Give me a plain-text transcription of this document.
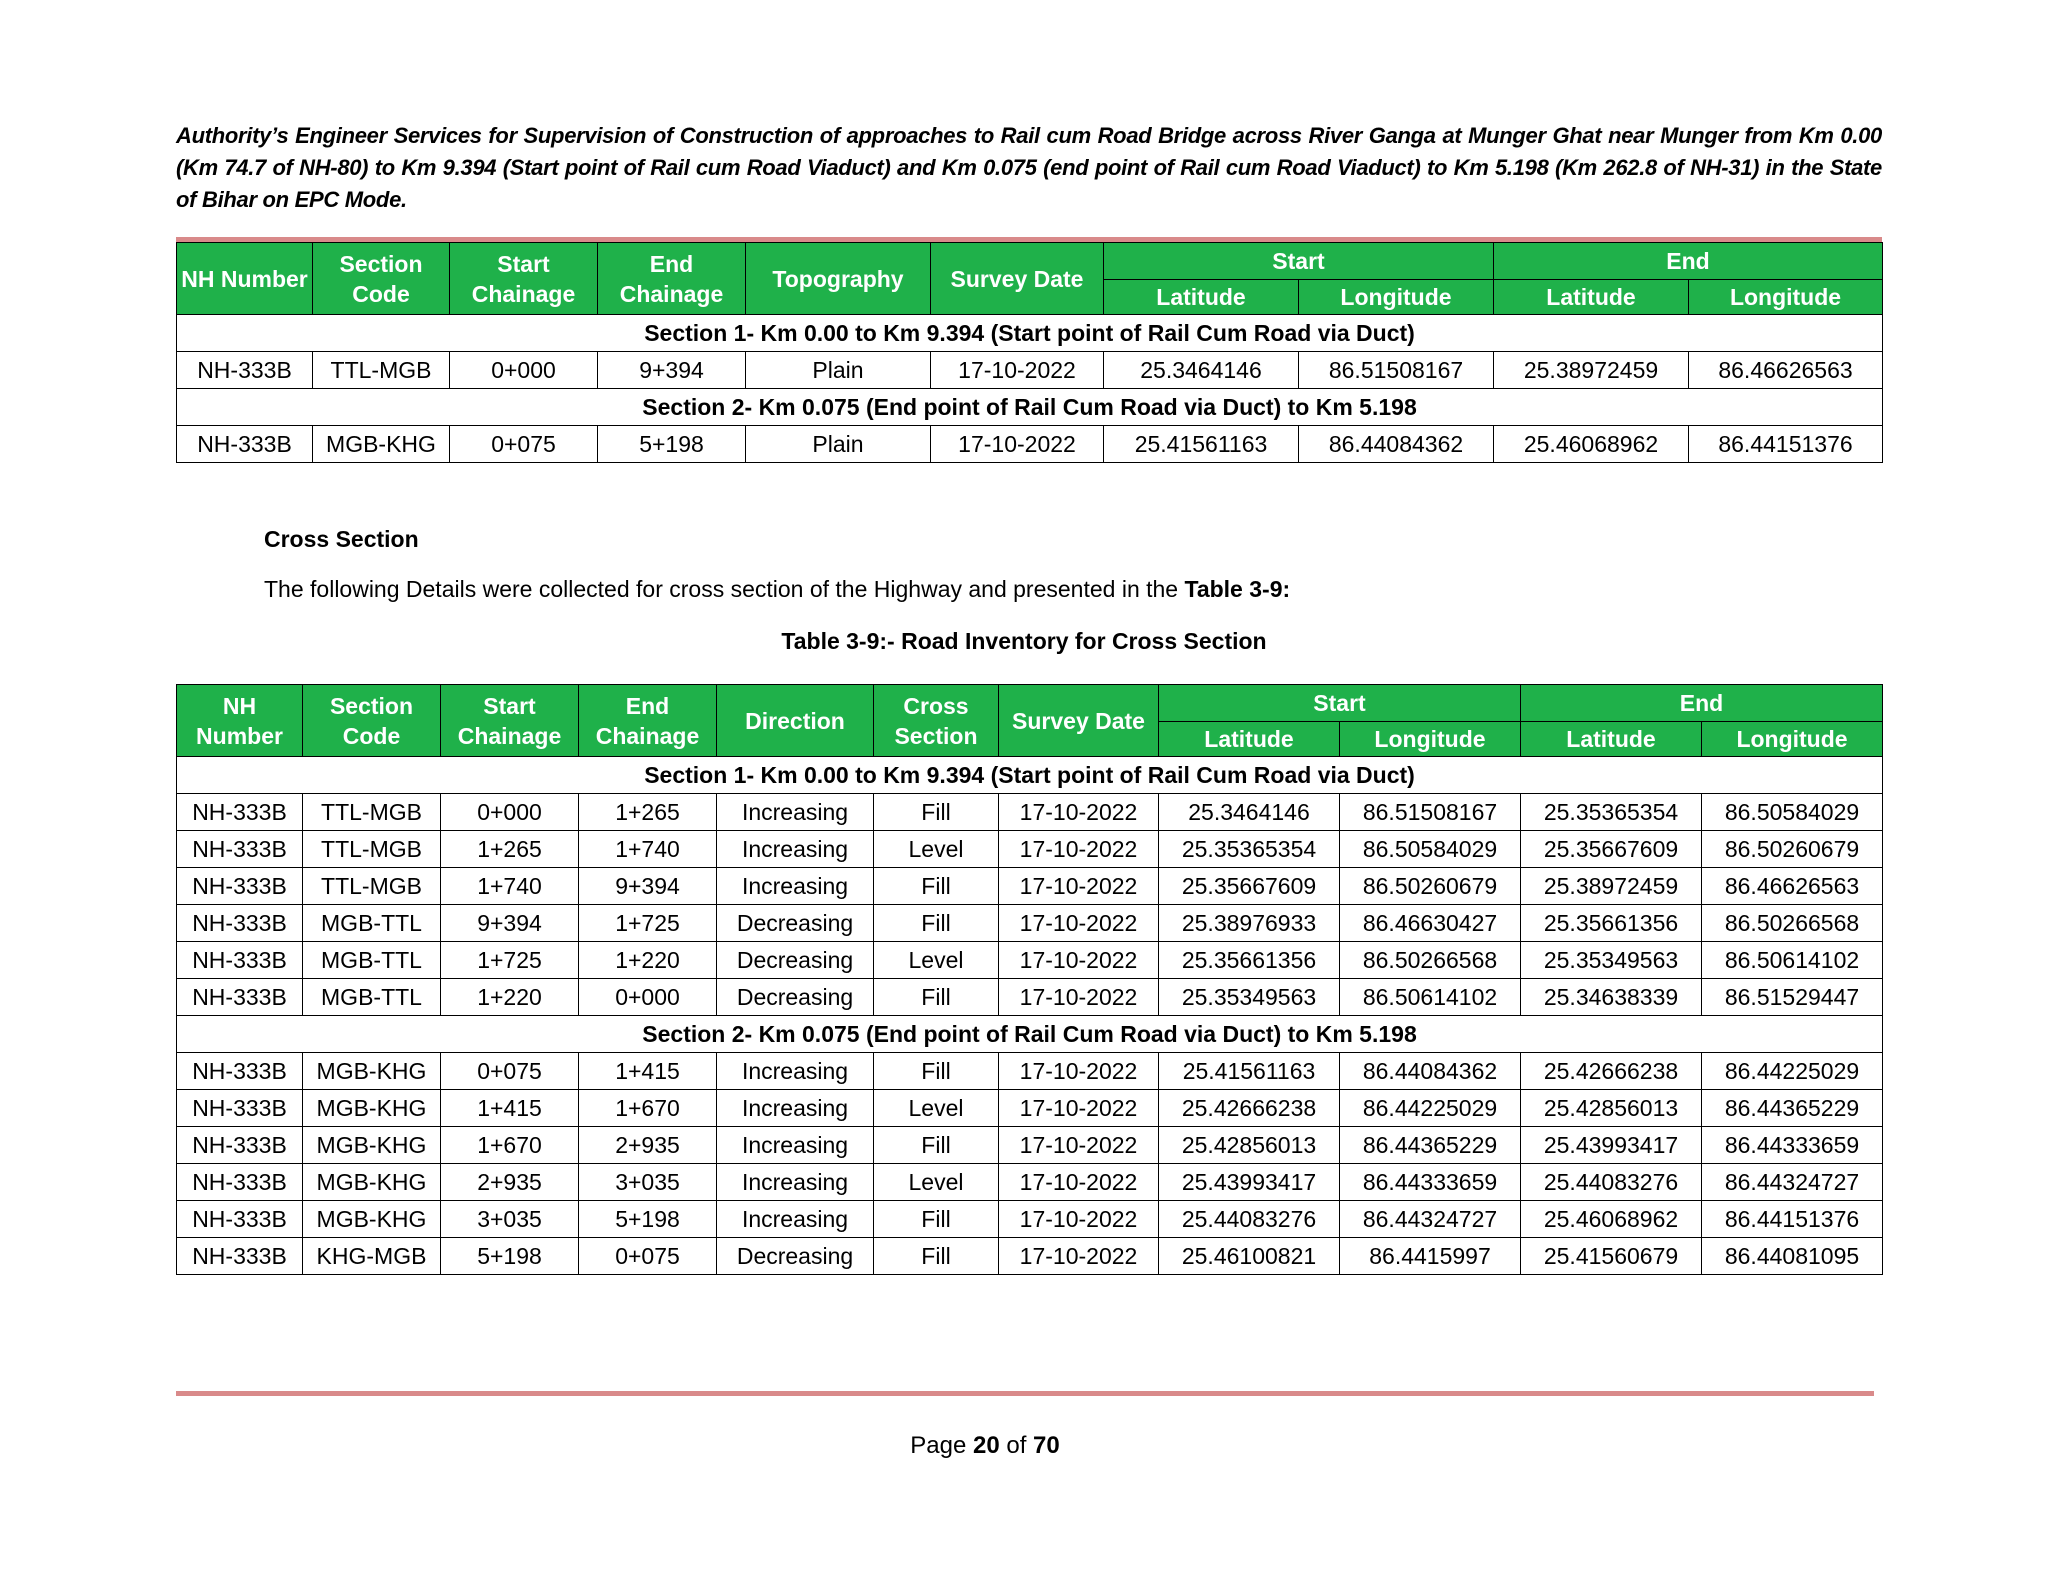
Authority’s Engineer Services for Supervision of Construction of approaches to Rail cum Road Bridge across River Ganga at Munger Ghat near Munger from Km 0.00 (Km 74.7 of NH-80) to Km 9.394 (Start point of Rail cum Road Viaduct) and Km 0.075 (end point of Rail cum Road Viaduct) to Km 5.198 (Km 262.8 of NH-31) in the State of Bihar on EPC Mode.
NH Number	Section Code	Start Chainage	End Chainage	Topography	Survey Date	Start		End	
						Latitude	Longitude	Latitude	Longitude
Section 1- Km 0.00 to Km 9.394 (Start point of Rail Cum Road via Duct)									
NH-333B	TTL-MGB	0+000	9+394	Plain	17-10-2022	25.3464146	86.51508167	25.38972459	86.46626563
Section 2- Km 0.075 (End point of Rail Cum Road via Duct) to Km 5.198									
NH-333B	MGB-KHG	0+075	5+198	Plain	17-10-2022	25.41561163	86.44084362	25.46068962	86.44151376
Cross Section
The following Details were collected for cross section of the Highway and presented in the Table 3-9:
Table 3-9:- Road Inventory for Cross Section
NH Number	Section Code	Start Chainage	End Chainage	Direction	Cross Section	Survey Date	Start		End	
							Latitude	Longitude	Latitude	Longitude
Section 1- Km 0.00 to Km 9.394 (Start point of Rail Cum Road via Duct)										
NH-333B	TTL-MGB	0+000	1+265	Increasing	Fill	17-10-2022	25.3464146	86.51508167	25.35365354	86.50584029
NH-333B	TTL-MGB	1+265	1+740	Increasing	Level	17-10-2022	25.35365354	86.50584029	25.35667609	86.50260679
NH-333B	TTL-MGB	1+740	9+394	Increasing	Fill	17-10-2022	25.35667609	86.50260679	25.38972459	86.46626563
NH-333B	MGB-TTL	9+394	1+725	Decreasing	Fill	17-10-2022	25.38976933	86.46630427	25.35661356	86.50266568
NH-333B	MGB-TTL	1+725	1+220	Decreasing	Level	17-10-2022	25.35661356	86.50266568	25.35349563	86.50614102
NH-333B	MGB-TTL	1+220	0+000	Decreasing	Fill	17-10-2022	25.35349563	86.50614102	25.34638339	86.51529447
Section 2- Km 0.075 (End point of Rail Cum Road via Duct) to Km 5.198										
NH-333B	MGB-KHG	0+075	1+415	Increasing	Fill	17-10-2022	25.41561163	86.44084362	25.42666238	86.44225029
NH-333B	MGB-KHG	1+415	1+670	Increasing	Level	17-10-2022	25.42666238	86.44225029	25.42856013	86.44365229
NH-333B	MGB-KHG	1+670	2+935	Increasing	Fill	17-10-2022	25.42856013	86.44365229	25.43993417	86.44333659
NH-333B	MGB-KHG	2+935	3+035	Increasing	Level	17-10-2022	25.43993417	86.44333659	25.44083276	86.44324727
NH-333B	MGB-KHG	3+035	5+198	Increasing	Fill	17-10-2022	25.44083276	86.44324727	25.46068962	86.44151376
NH-333B	KHG-MGB	5+198	0+075	Decreasing	Fill	17-10-2022	25.46100821	86.4415997	25.41560679	86.44081095
Page 20 of 70
